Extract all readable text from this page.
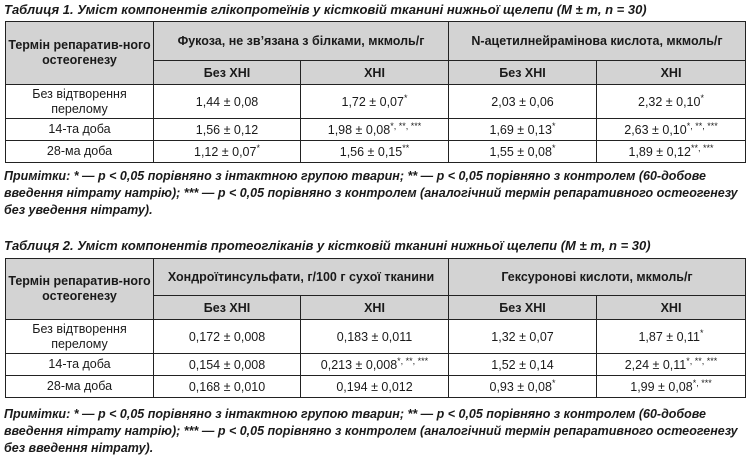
Таблиця 1. Уміст компонентів глікопротеїнів у кістковій тканині нижньої щелепи (M ± m, n = 30)
Термін репаратив-ного остеогенезу	Фукоза, не зв’язана з білками, мкмоль/г		N-ацетилнейрамінова кислота, мкмоль/г	
	Без ХНІ	ХНІ	Без ХНІ	ХНІ
Без відтворення перелому	1,44 ± 0,08	1,72 ± 0,07*	2,03 ± 0,06	2,32 ± 0,10*
14-та доба	1,56 ± 0,12	1,98 ± 0,08*, **, ***	1,69 ± 0,13*	2,63 ± 0,10*, **, ***
28-ма доба	1,12 ± 0,07*	1,56 ± 0,15**	1,55 ± 0,08*	1,89 ± 0,12**, ***
Примітки: * — р < 0,05 порівняно з інтактною групою тварин; ** — р < 0,05 порівняно з контролем (60-добове введення нітрату натрію); *** — р < 0,05 порівняно з контролем (аналогічний термін репаративного остеогенезу без уведення нітрату).
Таблиця 2. Уміст компонентів протеогліканів у кістковій тканині нижньої щелепи (M ± m, n = 30)
Термін репаратив-ного остеогенезу	Хондроїтинсульфати, г/100 г сухої тканини		Гексуронові кислоти, мкмоль/г	
	Без ХНІ	ХНІ	Без ХНІ	ХНІ
Без відтворення перелому	0,172 ± 0,008	0,183 ± 0,011	1,32 ± 0,07	1,87 ± 0,11*
14-та доба	0,154 ± 0,008	0,213 ± 0,008*, **, ***	1,52 ± 0,14	2,24 ± 0,11*, **, ***
28-ма доба	0,168 ± 0,010	0,194 ± 0,012	0,93 ± 0,08*	1,99 ± 0,08*, ***
Примітки: * — р < 0,05 порівняно з інтактною групою тварин; ** — р < 0,05 порівняно з контролем (60-добове введення нітрату натрію); *** — р < 0,05 порівняно з контролем (аналогічний термін репаративного остеогенезу без введення нітрату).
